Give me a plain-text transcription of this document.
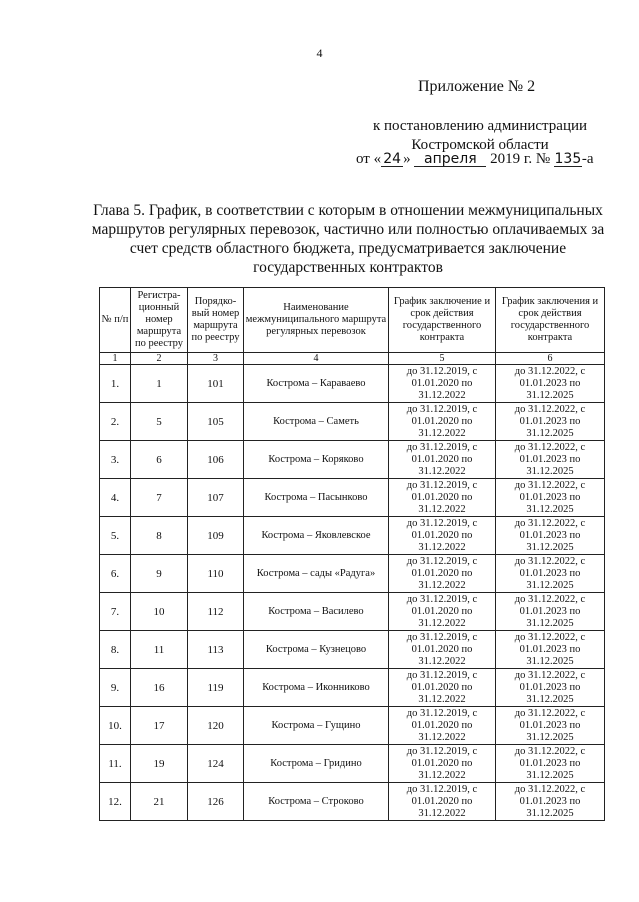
4
Приложение № 2
к постановлению администрации
Костромской области
от « 24 » апреля 2019 г. № 135-а
Глава 5. График, в соответствии с которым в отношении межмуниципальных маршрутов регулярных перевозок, частично или полностью оплачиваемых за счет средств областного бюджета, предусматривается заключение государственных контрактов
№ п/п	Регистра-ционный номер маршрута по реестру	Порядко-вый номер маршрута по реестру	Наименование межмуниципального маршрута регулярных перевозок	График заключение и срок действия государственного контракта	График заключения и срок действия государственного контракта
1	2	3	4	5	6
1.	1	101	Кострома – Караваево	до 31.12.2019, с 01.01.2020 по 31.12.2022	до 31.12.2022, с 01.01.2023 по 31.12.2025
2.	5	105	Кострома – Саметь	до 31.12.2019, с 01.01.2020 по 31.12.2022	до 31.12.2022, с 01.01.2023 по 31.12.2025
3.	6	106	Кострома – Коряково	до 31.12.2019, с 01.01.2020 по 31.12.2022	до 31.12.2022, с 01.01.2023 по 31.12.2025
4.	7	107	Кострома – Пасынково	до 31.12.2019, с 01.01.2020 по 31.12.2022	до 31.12.2022, с 01.01.2023 по 31.12.2025
5.	8	109	Кострома – Яковлевское	до 31.12.2019, с 01.01.2020 по 31.12.2022	до 31.12.2022, с 01.01.2023 по 31.12.2025
6.	9	110	Кострома – сады «Радуга»	до 31.12.2019, с 01.01.2020 по 31.12.2022	до 31.12.2022, с 01.01.2023 по 31.12.2025
7.	10	112	Кострома – Василево	до 31.12.2019, с 01.01.2020 по 31.12.2022	до 31.12.2022, с 01.01.2023 по 31.12.2025
8.	11	113	Кострома – Кузнецово	до 31.12.2019, с 01.01.2020 по 31.12.2022	до 31.12.2022, с 01.01.2023 по 31.12.2025
9.	16	119	Кострома – Иконниково	до 31.12.2019, с 01.01.2020 по 31.12.2022	до 31.12.2022, с 01.01.2023 по 31.12.2025
10.	17	120	Кострома – Гущино	до 31.12.2019, с 01.01.2020 по 31.12.2022	до 31.12.2022, с 01.01.2023 по 31.12.2025
11.	19	124	Кострома – Гридино	до 31.12.2019, с 01.01.2020 по 31.12.2022	до 31.12.2022, с 01.01.2023 по 31.12.2025
12.	21	126	Кострома – Строково	до 31.12.2019, с 01.01.2020 по 31.12.2022	до 31.12.2022, с 01.01.2023 по 31.12.2025
